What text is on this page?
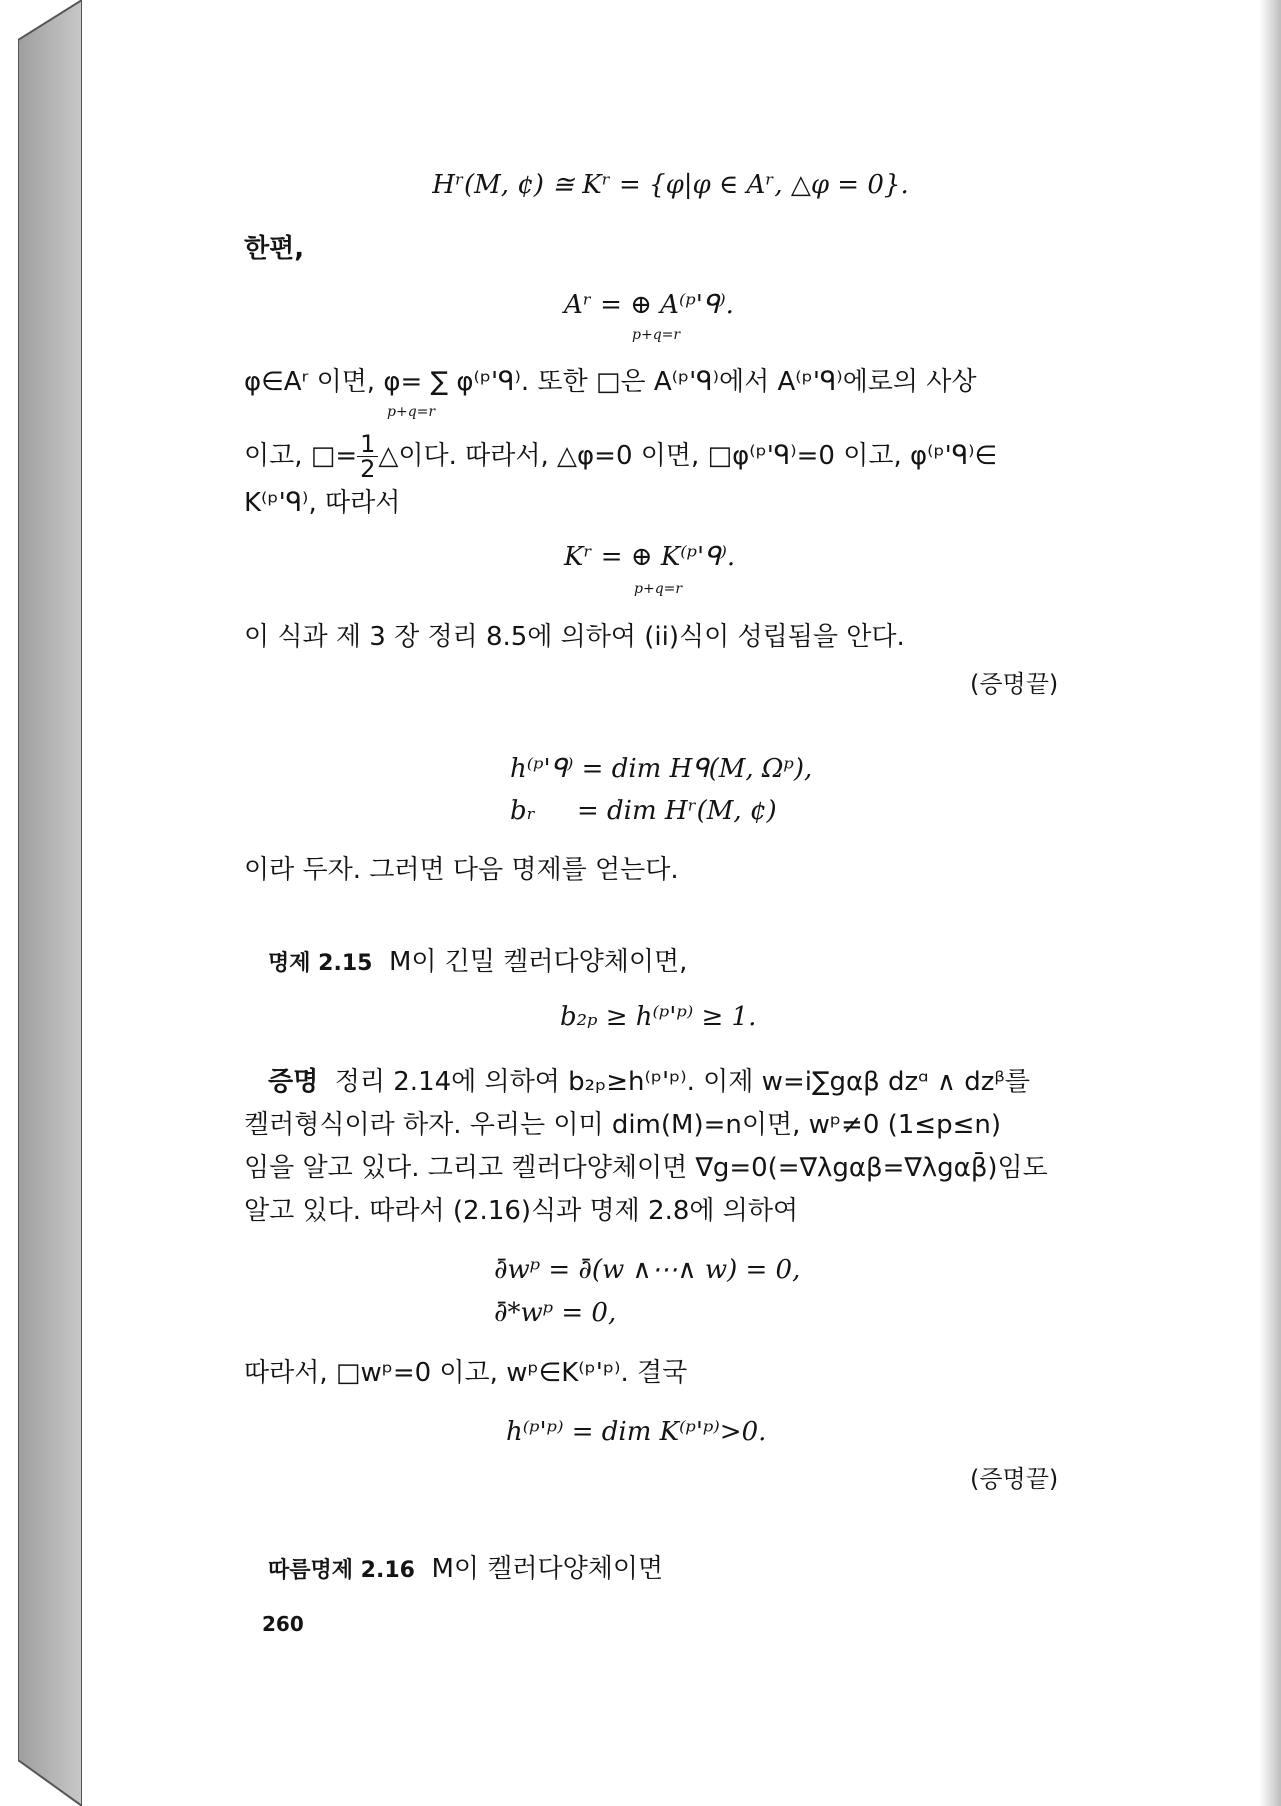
Hʳ(M, ¢) ≅ Kʳ = {φ|φ ∈ Aʳ, △φ = 0}.
한편,
Aʳ = ⊕ A⁽ᵖ'ᑫ⁾.
p+q=r
φ∈Aʳ 이면, φ= ∑ φ⁽ᵖ'ᑫ⁾. 또한 □은 A⁽ᵖ'ᑫ⁾에서 A⁽ᵖ'ᑫ⁾에로의 사상
p+q=r
이고, □= $\frac{1}{2}$ △이다. 따라서, △φ=0 이면, □φ⁽ᵖ'ᑫ⁾=0 이고, φ⁽ᵖ'ᑫ⁾∈
K⁽ᵖ'ᑫ⁾, 따라서
Kʳ = ⊕ K⁽ᵖ'ᑫ⁾.
p+q=r
이 식과 제 3 장 정리 8.5에 의하여 (ii)식이 성립됨을 안다.
(증명끝)
h⁽ᵖ'ᑫ⁾ = dim Hᑫ(M, Ωᵖ),
bᵣ     = dim Hʳ(M, ¢)
이라 두자. 그러면 다음 명제를 얻는다.
명제 2.15 M이 긴밀 켈러다양체이면,
b₂ₚ ≥ h⁽ᵖ'ᵖ⁾ ≥ 1.
증명 정리 2.14에 의하여 b₂ₚ≥h⁽ᵖ'ᵖ⁾. 이제 w=i∑gαβ dzᵅ ∧ dzᵝ를
켈러형식이라 하자. 우리는 이미 dim(M)=n이면, wᵖ≠0 (1≤p≤n)
임을 알고 있다. 그리고 켈러다양체이면 ∇g=0(=∇λgαβ=∇λgαβ̄)임도
알고 있다. 따라서 (2.16)식과 명제 2.8에 의하여
∂̄wᵖ = ∂̄(w ∧⋯∧ w) = 0,
∂̄*wᵖ = 0,
따라서, □wᵖ=0 이고, wᵖ∈K⁽ᵖ'ᵖ⁾. 결국
h⁽ᵖ'ᵖ⁾ = dim K⁽ᵖ'ᵖ⁾>0.
(증명끝)
따름명제 2.16 M이 켈러다양체이면
260
